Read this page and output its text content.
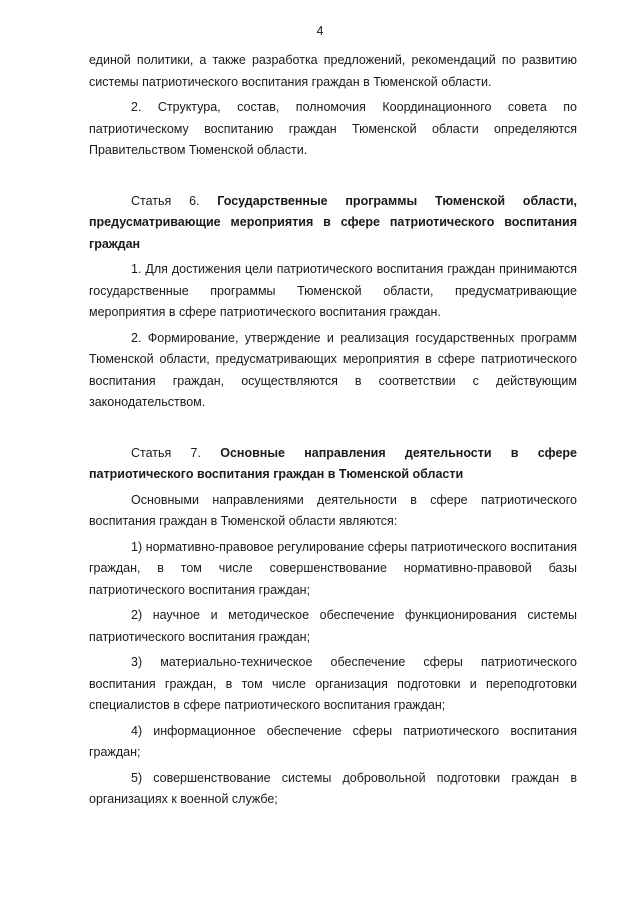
4

единой политики, а также разработка предложений, рекомендаций по развитию системы патриотического воспитания граждан в Тюменской области.

2. Структура, состав, полномочия Координационного совета по патриотическому воспитанию граждан Тюменской области определяются Правительством Тюменской области.

Статья 6. Государственные программы Тюменской области, предусматривающие мероприятия в сфере патриотического воспитания граждан

1. Для достижения цели патриотического воспитания граждан принимаются государственные программы Тюменской области, предусматривающие мероприятия в сфере патриотического воспитания граждан.

2. Формирование, утверждение и реализация государственных программ Тюменской области, предусматривающих мероприятия в сфере патриотического воспитания граждан, осуществляются в соответствии с действующим законодательством.

Статья 7. Основные направления деятельности в сфере патриотического воспитания граждан в Тюменской области

Основными направлениями деятельности в сфере патриотического воспитания граждан в Тюменской области являются:

1) нормативно-правовое регулирование сферы патриотического воспитания граждан, в том числе совершенствование нормативно-правовой базы патриотического воспитания граждан;

2) научное и методическое обеспечение функционирования системы патриотического воспитания граждан;

3) материально-техническое обеспечение сферы патриотического воспитания граждан, в том числе организация подготовки и переподготовки специалистов в сфере патриотического воспитания граждан;

4) информационное обеспечение сферы патриотического воспитания граждан;

5) совершенствование системы добровольной подготовки граждан в организациях к военной службе;
